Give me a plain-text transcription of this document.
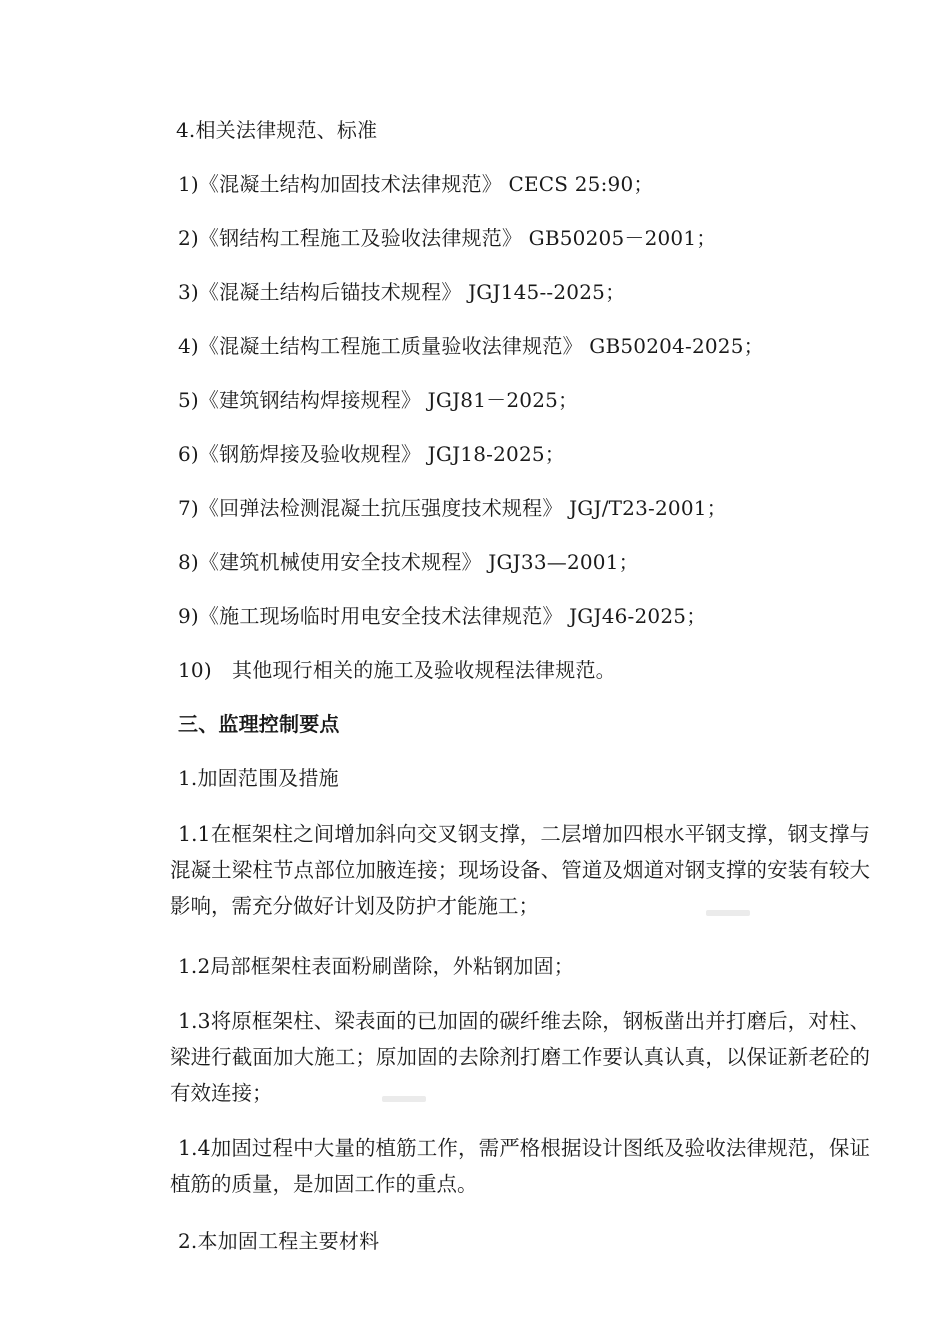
4.相关法律规范、标准
1)《混凝土结构加固技术法律规范》 CECS 25:90；
2)《钢结构工程施工及验收法律规范》 GB50205－2001；
3)《混凝土结构后锚技术规程》 JGJ145--2025；
4)《混凝土结构工程施工质量验收法律规范》 GB50204-2025；
5)《建筑钢结构焊接规程》 JGJ81－2025；
6)《钢筋焊接及验收规程》 JGJ18-2025；
7)《回弹法检测混凝土抗压强度技术规程》 JGJ/T23-2001；
8)《建筑机械使用安全技术规程》 JGJ33—2001；
9)《施工现场临时用电安全技术法律规范》 JGJ46-2025；
10)　其他现行相关的施工及验收规程法律规范。
三、监理控制要点
1.加固范围及措施

1.1在框架柱之间增加斜向交叉钢支撑，二层增加四根水平钢支撑，钢支撑与混凝土梁柱节点部位加腋连接；现场设备、管道及烟道对钢支撑的安装有较大影响，需充分做好计划及防护才能施工；

1.2局部框架柱表面粉刷凿除，外粘钢加固；

1.3将原框架柱、梁表面的已加固的碳纤维去除，钢板凿出并打磨后，对柱、梁进行截面加大施工；原加固的去除剂打磨工作要认真认真，以保证新老砼的有效连接；

1.4加固过程中大量的植筋工作，需严格根据设计图纸及验收法律规范，保证植筋的质量，是加固工作的重点。

2.本加固工程主要材料
